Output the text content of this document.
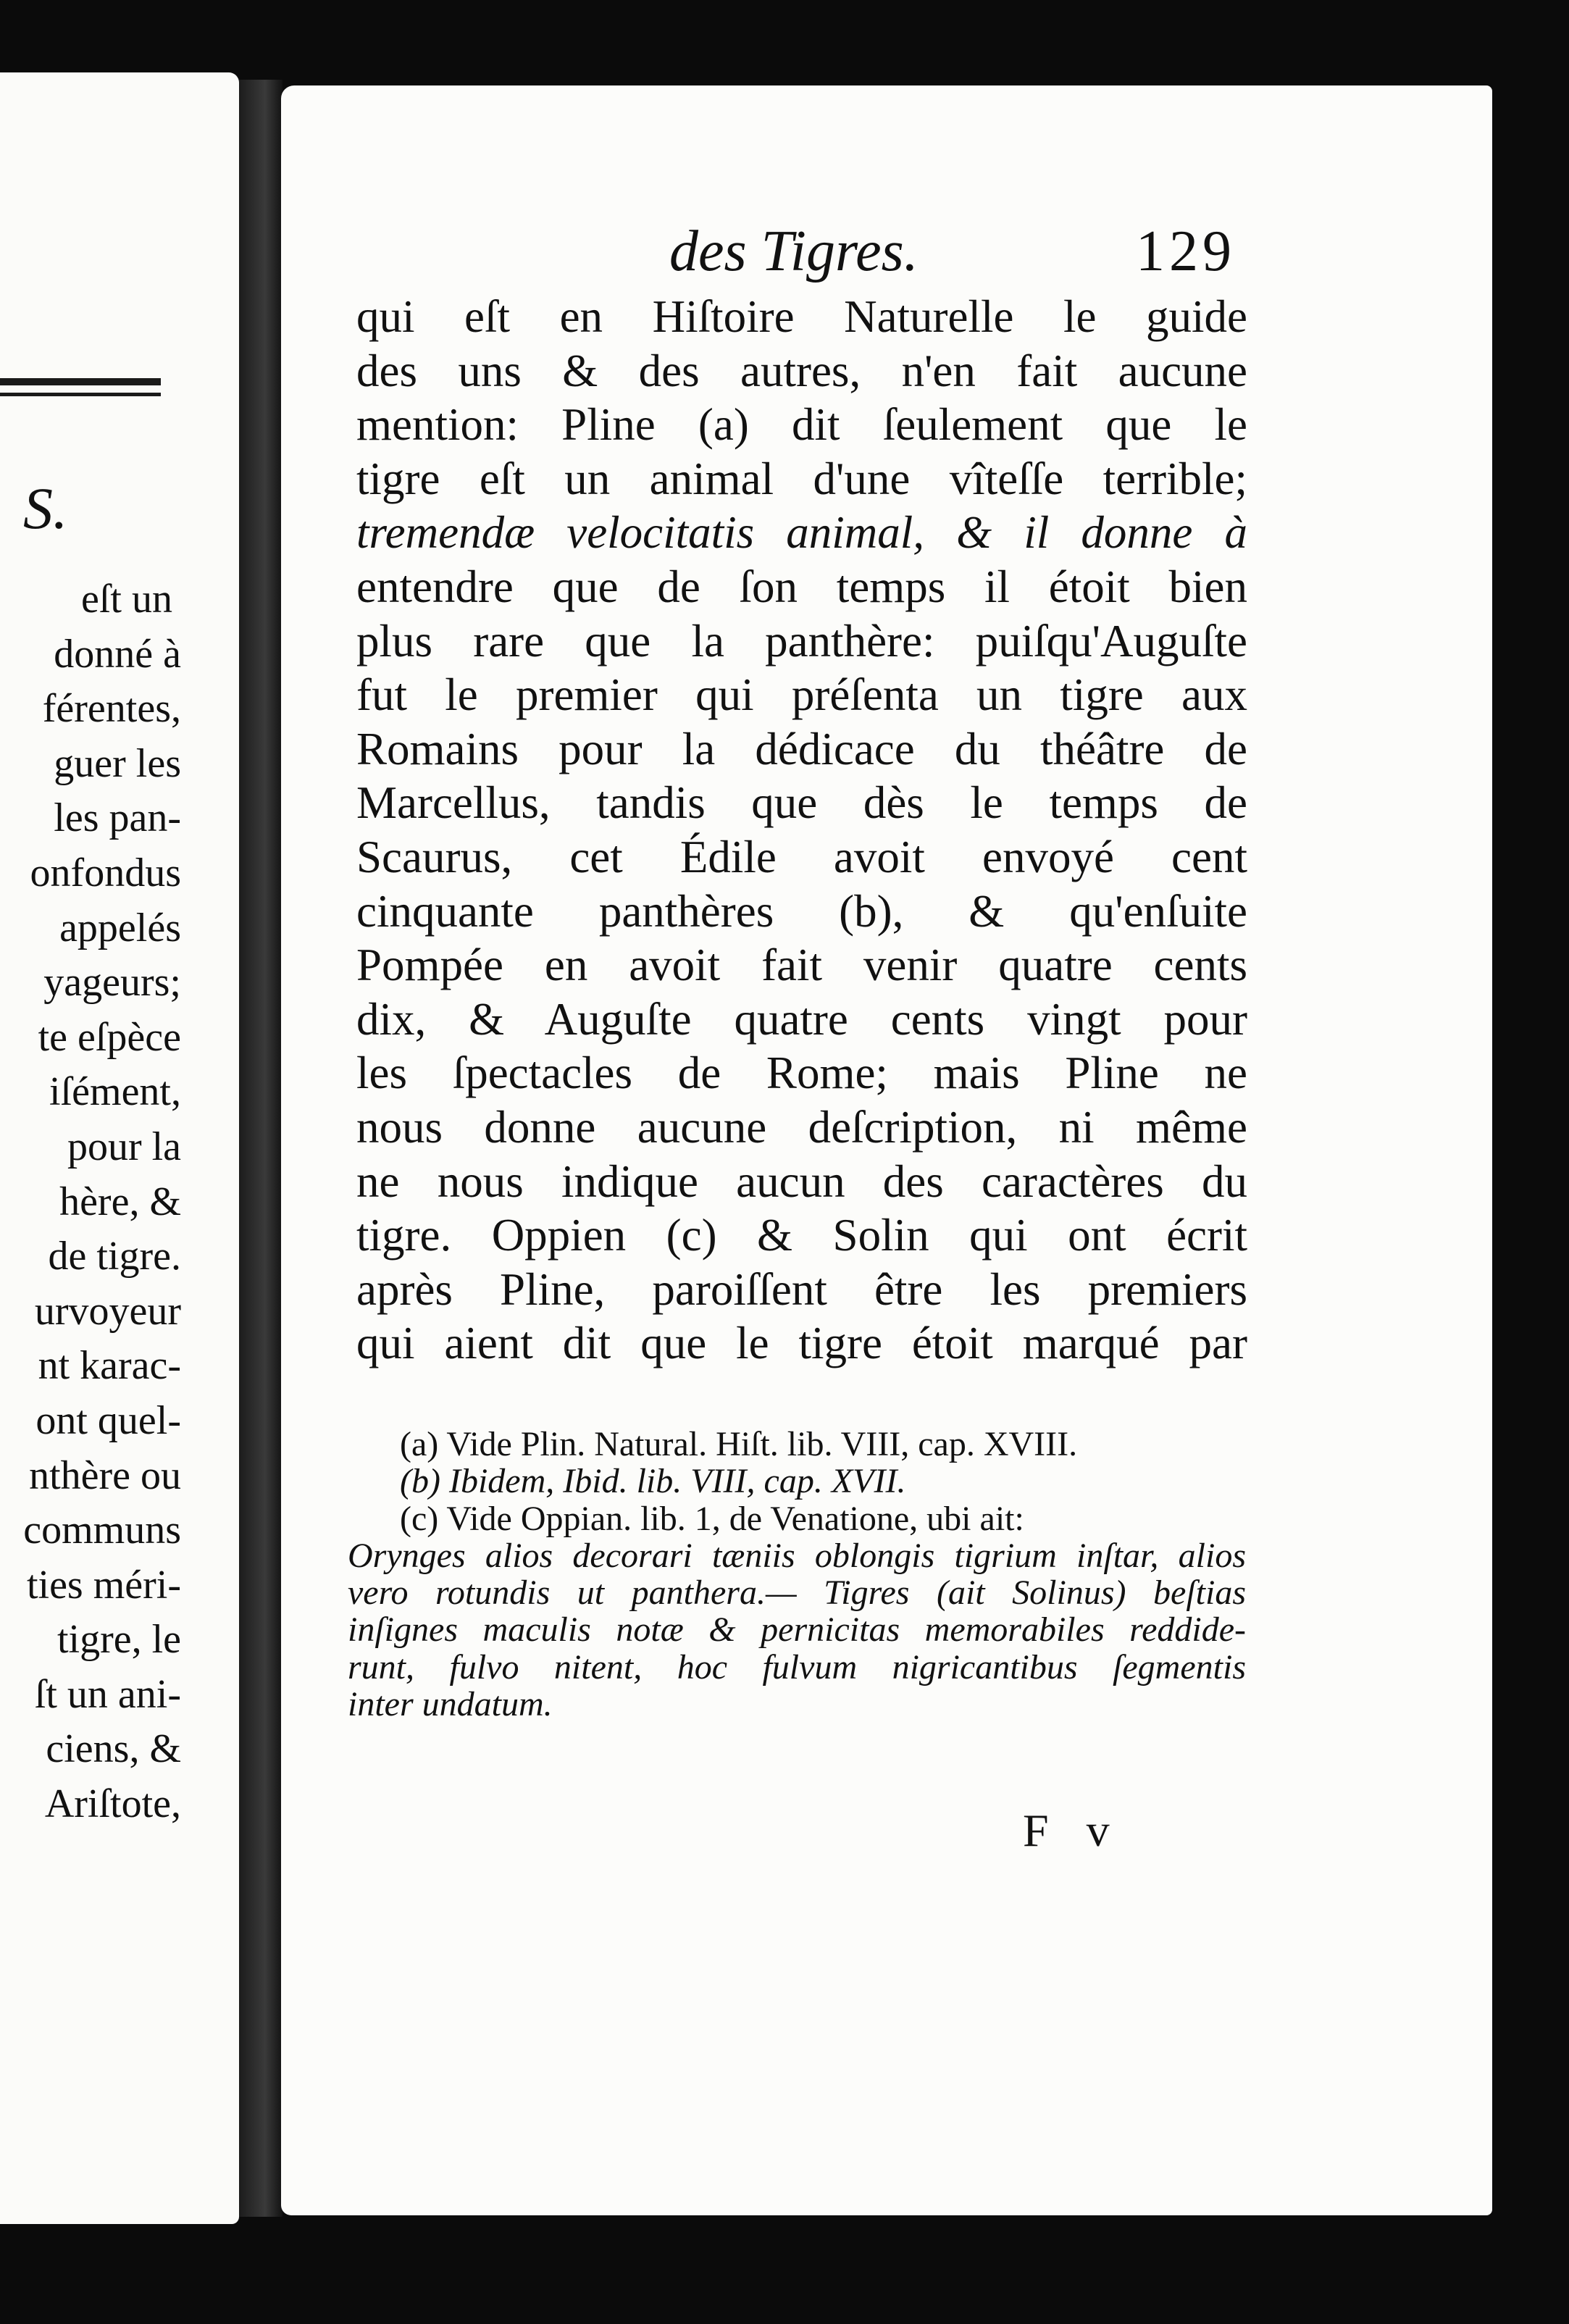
S.
eſt un
donné à
férentes,
guer les
les pan-
onfondus
appelés
yageurs;
te eſpèce
iſément,
pour la
hère, &
de tigre.
urvoyeur
nt karac-
ont quel-
nthère ou
communs
ties méri-
tigre, le
ſt un ani-
ciens, &
Ariſtote,
des Tigres.	129
qui eſt en Hiſtoire Naturelle le guide
des uns & des autres, n'en fait aucune
mention: Pline (a) dit ſeulement que le
tigre eſt un animal d'une vîteſſe terrible;
tremendæ velocitatis animal, & il donne à
entendre que de ſon temps il étoit bien
plus rare que la panthère: puiſqu'Auguſte
fut le premier qui préſenta un tigre aux
Romains pour la dédicace du théâtre de
Marcellus, tandis que dès le temps de
Scaurus, cet Édile avoit envoyé cent
cinquante panthères (b), & qu'enſuite
Pompée en avoit fait venir quatre cents
dix, & Auguſte quatre cents vingt pour
les ſpectacles de Rome; mais Pline ne
nous donne aucune deſcription, ni même
ne nous indique aucun des caractères du
tigre. Oppien (c) & Solin qui ont écrit
après Pline, paroiſſent être les premiers
qui aient dit que le tigre étoit marqué par
(a) Vide Plin. Natural. Hiſt. lib. VIII, cap. XVIII.
(b) Ibidem, Ibid. lib. VIII, cap. XVII.
(c) Vide Oppian. lib. 1, de Venatione, ubi ait:
Orynges alios decorari tæniis oblongis tigrium inſtar, alios
vero rotundis ut panthera.— Tigres (ait Solinus) beſtias
inſignes maculis notæ & pernicitas memorabiles reddide-
runt, fulvo nitent, hoc fulvum nigricantibus ſegmentis
inter undatum.
F v
